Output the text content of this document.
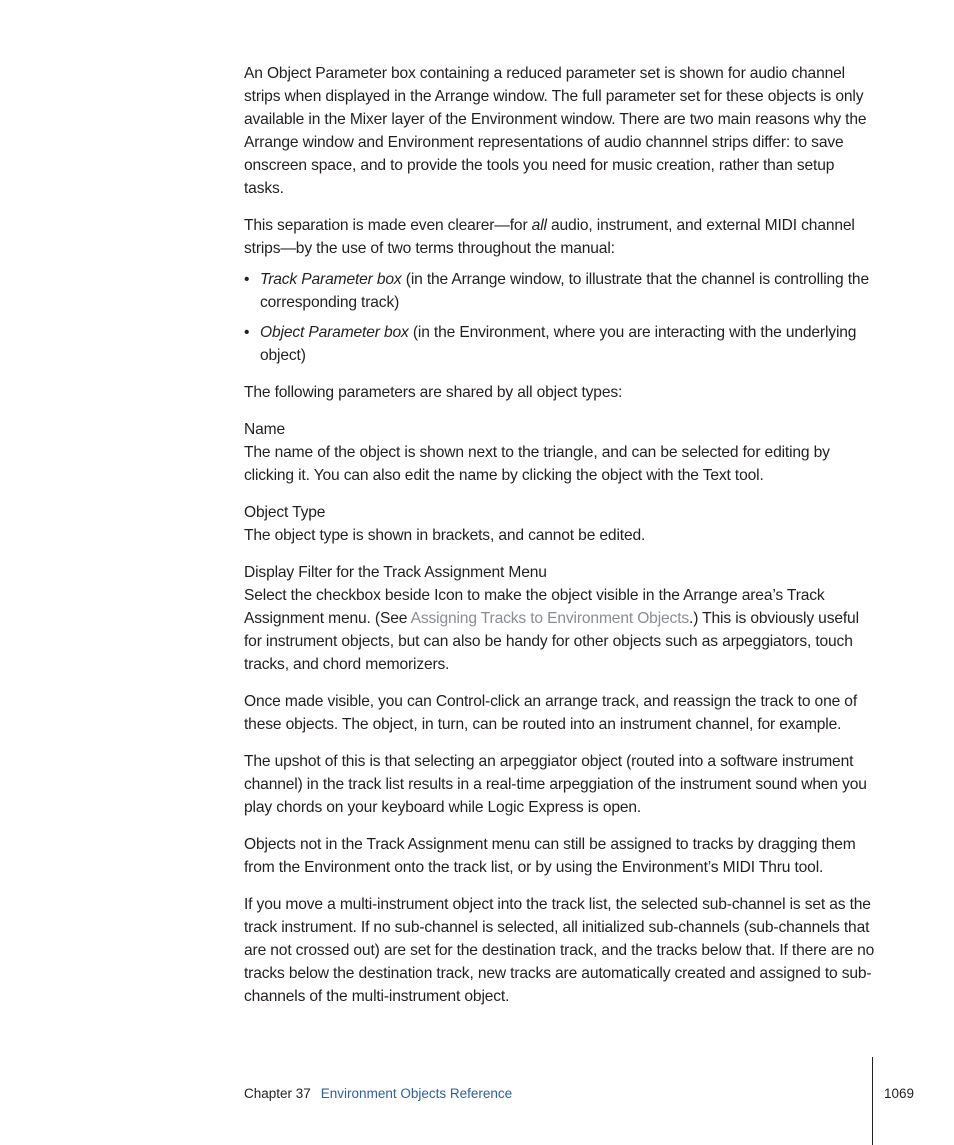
An Object Parameter box containing a reduced parameter set is shown for audio channel strips when displayed in the Arrange window. The full parameter set for these objects is only available in the Mixer layer of the Environment window. There are two main reasons why the Arrange window and Environment representations of audio channnel strips differ: to save onscreen space, and to provide the tools you need for music creation, rather than setup tasks.

This separation is made even clearer—for all audio, instrument, and external MIDI channel strips—by the use of two terms throughout the manual:

• Track Parameter box (in the Arrange window, to illustrate that the channel is controlling the corresponding track)
• Object Parameter box (in the Environment, where you are interacting with the underlying object)

The following parameters are shared by all object types:

Name
The name of the object is shown next to the triangle, and can be selected for editing by clicking it. You can also edit the name by clicking the object with the Text tool.
Object Type
The object type is shown in brackets, and cannot be edited.
Display Filter for the Track Assignment Menu
Select the checkbox beside Icon to make the object visible in the Arrange area’s Track Assignment menu. (See Assigning Tracks to Environment Objects.) This is obviously useful for instrument objects, but can also be handy for other objects such as arpeggiators, touch tracks, and chord memorizers.

Once made visible, you can Control-click an arrange track, and reassign the track to one of these objects. The object, in turn, can be routed into an instrument channel, for example.

The upshot of this is that selecting an arpeggiator object (routed into a software instrument channel) in the track list results in a real-time arpeggiation of the instrument sound when you play chords on your keyboard while Logic Express is open.

Objects not in the Track Assignment menu can still be assigned to tracks by dragging them from the Environment onto the track list, or by using the Environment’s MIDI Thru tool.

If you move a multi-instrument object into the track list, the selected sub-channel is set as the track instrument. If no sub-channel is selected, all initialized sub-channels (sub-channels that are not crossed out) are set for the destination track, and the tracks below that. If there are no tracks below the destination track, new tracks are automatically created and assigned to sub-channels of the multi-instrument object.

Chapter 37 Environment Objects Reference	1069
